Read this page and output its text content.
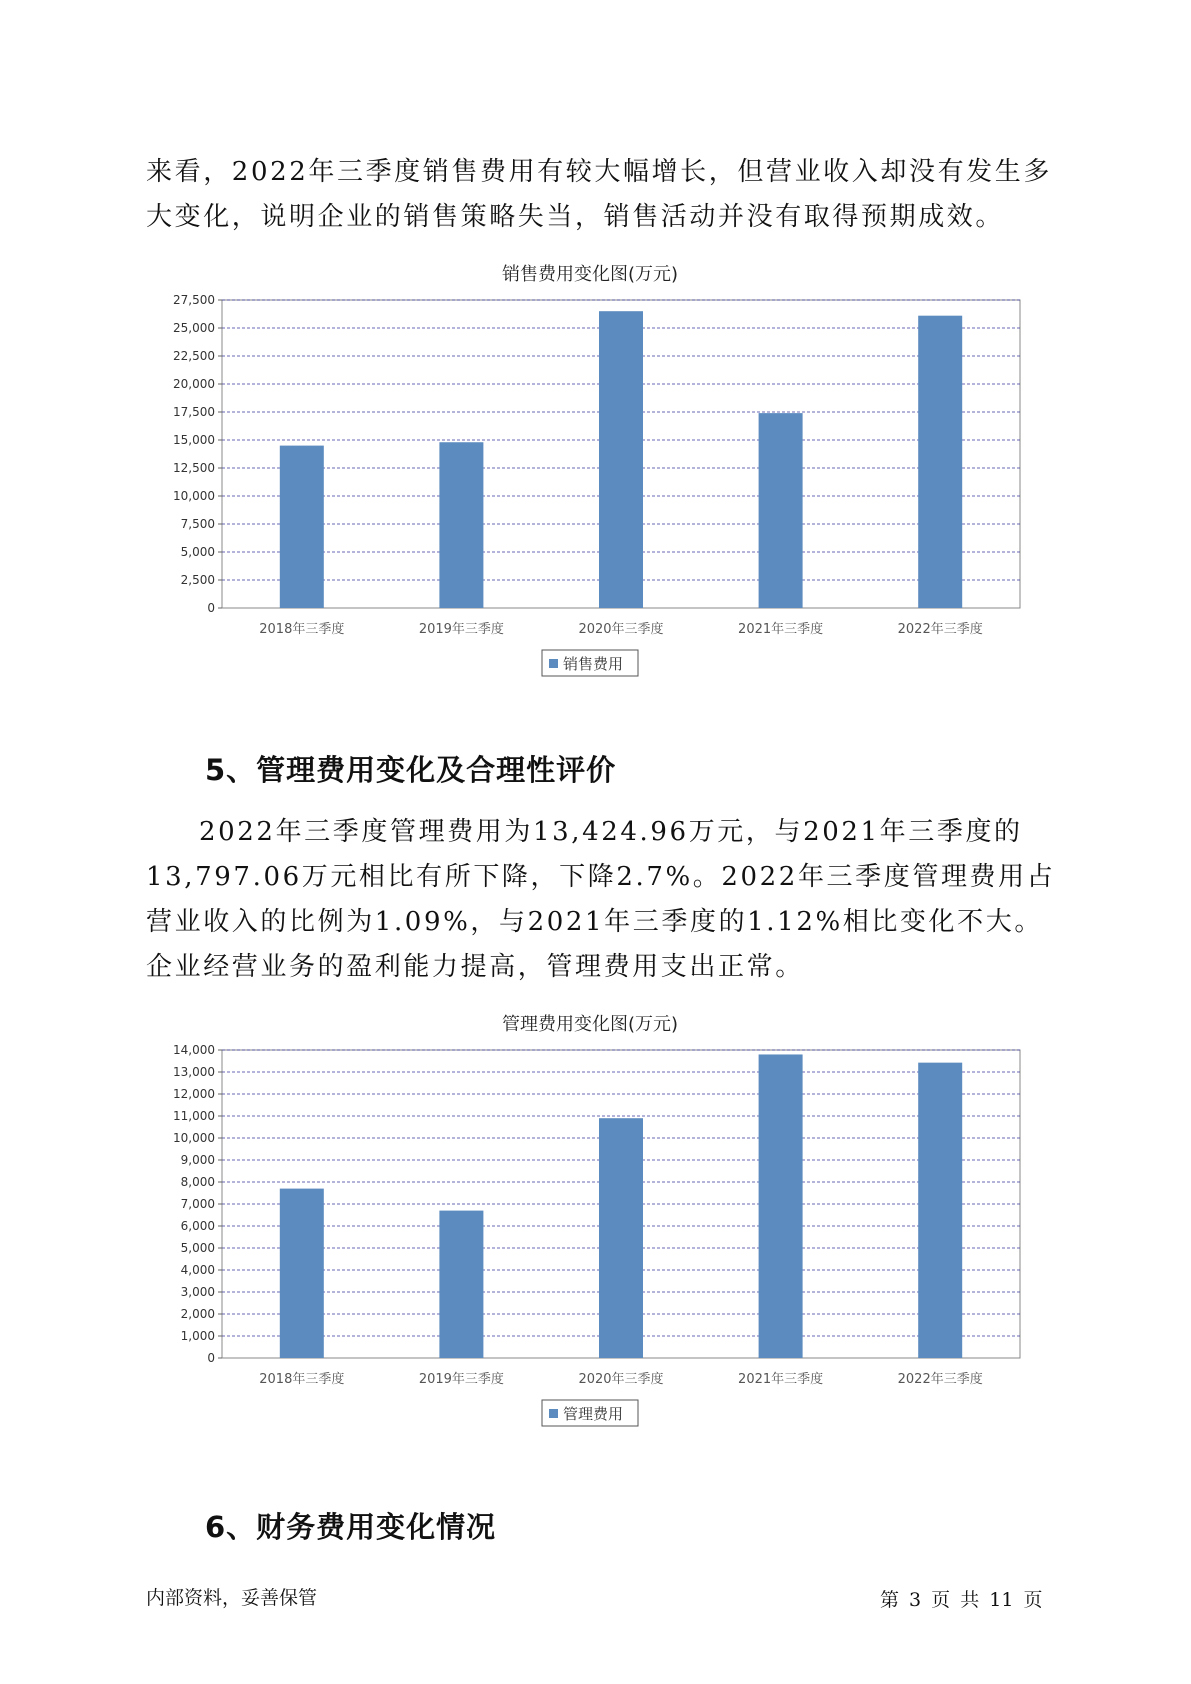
来看，2022年三季度销售费用有较大幅增长，但营业收入却没有发生多大变化，说明企业的销售策略失当，销售活动并没有取得预期成效。

销售费用变化图(万元)
0
2,500
5,000
7,500
10,000
12,500
15,000
17,500
20,000
22,500
25,000
27,500
2018年三季度	2019年三季度	2020年三季度	2021年三季度	2022年三季度
销售费用
5、管理费用变化及合理性评价

2022年三季度管理费用为13,424.96万元，与2021年三季度的13,797.06万元相比有所下降，下降2.7%。2022年三季度管理费用占营业收入的比例为1.09%，与2021年三季度的1.12%相比变化不大。企业经营业务的盈利能力提高，管理费用支出正常。

管理费用变化图(万元)
0
1,000
2,000
3,000
4,000
5,000
6,000
7,000
8,000
9,000
10,000
11,000
12,000
13,000
14,000
2018年三季度	2019年三季度	2020年三季度	2021年三季度	2022年三季度
管理费用
6、财务费用变化情况
内部资料，妥善保管	第 3 页 共 11 页
